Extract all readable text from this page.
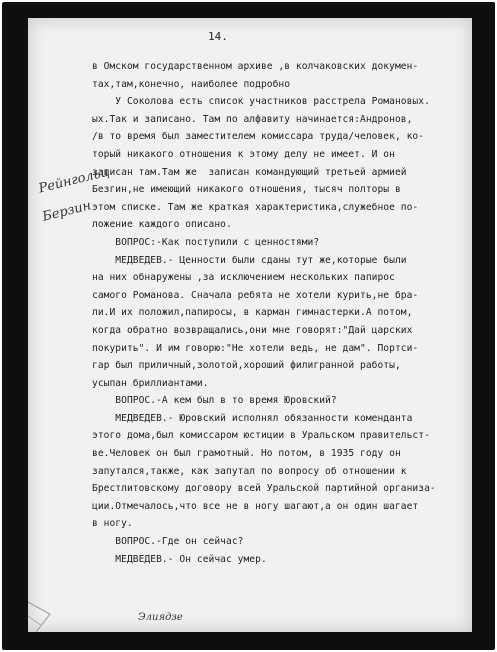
14.
в Омском государственном архиве ,в колчаковских докумен-
тах,там,конечно, наиболее подробно
У Соколова есть список участников расстрела Романовых.
ых.Так и записано. Там по алфавиту начинается:Андронов,
/в то время был заместителем комиссара труда/человек, ко-
торый никакого отношения к этому делу не имеет. И он
записан там.Там же  записан командующий третьей армией
Безгин,не имеющий никакого отношения, тысяч полторы в
этом списке. Там же краткая характеристика,служебное по-
ложение каждого описано.
ВОПРОС:-Как поступили с ценностями?
МЕДВЕДЕВ.- Ценности были сданы тут же,которые были
на них обнаружены ,за исключением нескольких папирос
самого Романова. Сначала ребята не хотели курить,не бра-
ли.И их положил,папиросы, в карман гимнастерки.А потом,
когда обратно возвращались,они мне говорят:"Дай царских
покурить". И им говорю:"Не хотели ведь, не дам". Портси-
гар был приличный,золотой,хороший филигранной работы,
усыпан бриллиантами.
ВОПРОС.-А кем был в то время Юровский?
МЕДВЕДЕВ.- Юровский исполнял обязанности комендантa
этого дома,был комиссаром юстиции в Уральском правительст-
ве.Человек он был грамотный. Но потом, в 1935 году он
запутался,также, как запутал по вопросу об отношении к
Брестлитовскому договору всей Уральской партийной организа-
ции.Отмечалось,что все не в ногу шагают,а он один шагает
в ногу.
ВОПРОС.-Где он сейчас?
МЕДВЕДЕВ.- Он сейчас умер.
Рейнгольц
Берзин
Элиядзе
